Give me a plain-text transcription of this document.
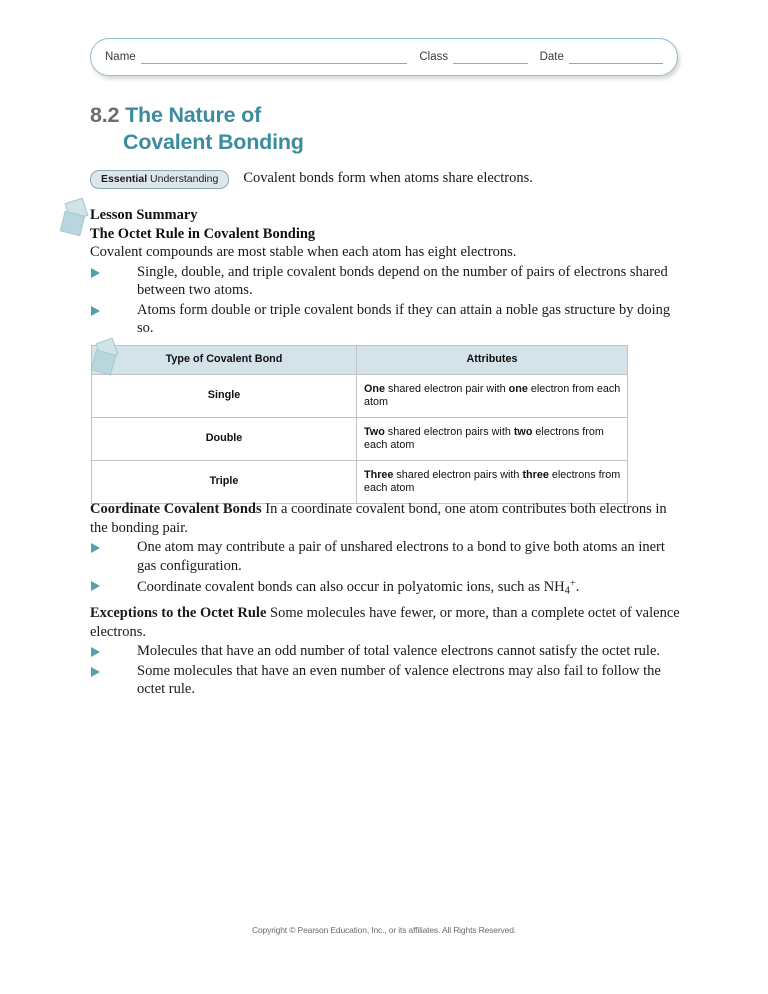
Name	Class	Date
8.2 The Nature of
Covalent Bonding
Essential Understanding	Covalent bonds form when atoms share electrons.
Lesson Summary
The Octet Rule in Covalent Bonding
Covalent compounds are most stable when each atom has eight electrons.
Single, double, and triple covalent bonds depend on the number of pairs of electrons shared between two atoms.
Atoms form double or triple covalent bonds if they can attain a noble gas structure by doing so.
Type of Covalent Bond	Attributes
Single	One shared electron pair with one electron from each atom
Double	Two shared electron pairs with two electrons from each atom
Triple	Three shared electron pairs with three electrons from each atom
Coordinate Covalent Bonds In a coordinate covalent bond, one atom contributes both electrons in the bonding pair.
One atom may contribute a pair of unshared electrons to a bond to give both atoms an inert gas configuration.
Coordinate covalent bonds can also occur in polyatomic ions, such as $NH_4^+$.
Exceptions to the Octet Rule Some molecules have fewer, or more, than a complete octet of valence electrons.
Molecules that have an odd number of total valence electrons cannot satisfy the octet rule.
Some molecules that have an even number of valence electrons may also fail to follow the octet rule.
Copyright © Pearson Education, Inc., or its affiliates. All Rights Reserved.
